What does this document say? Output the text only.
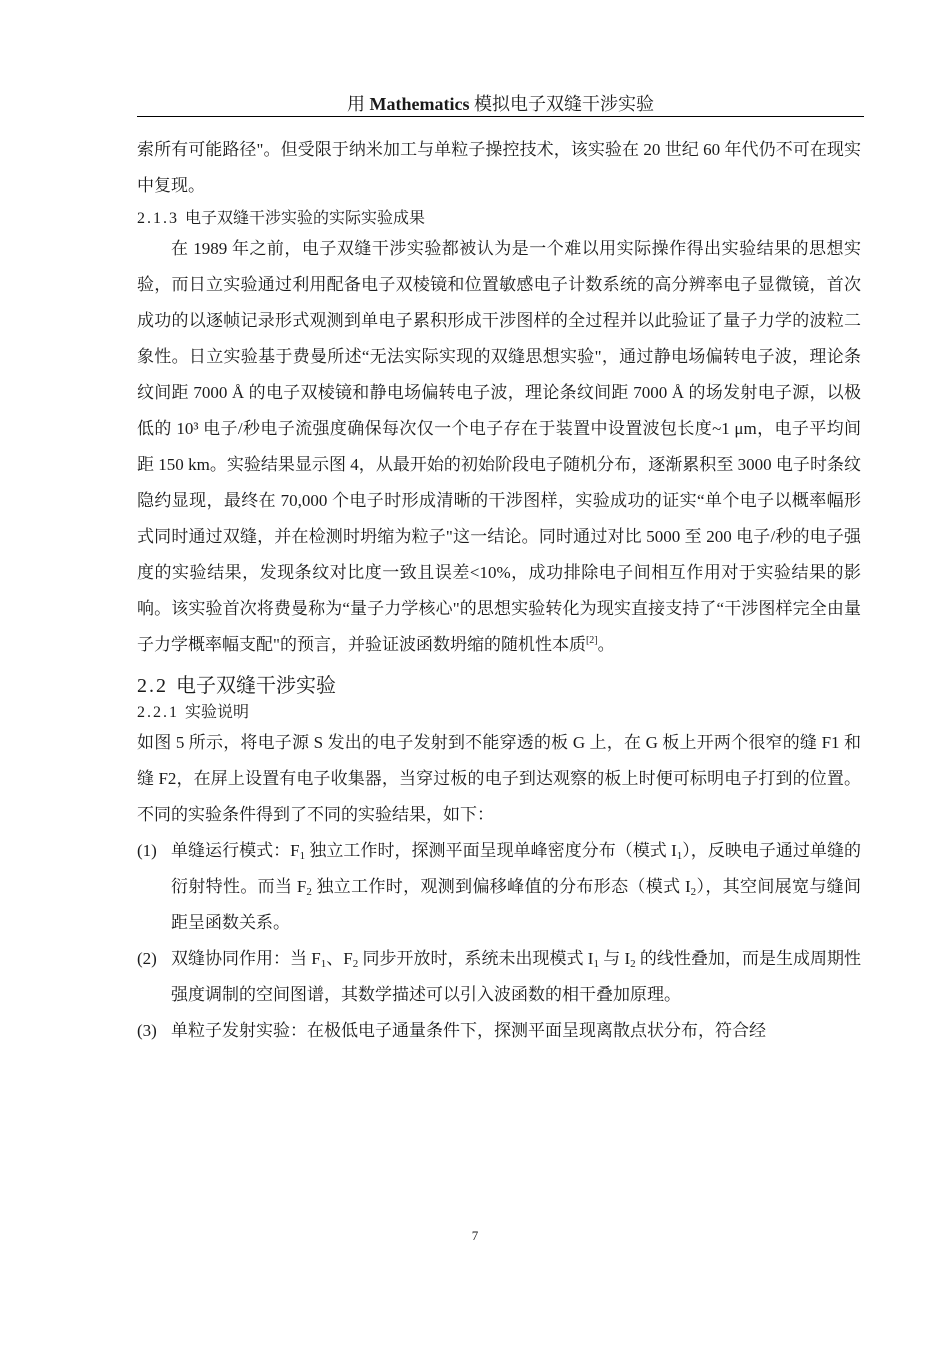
用 Mathematics 模拟电子双缝干涉实验

索所有可能路径"。但受限于纳米加工与单粒子操控技术，该实验在 20 世纪 60 年代仍不可在现实中复现。

2.1.3 电子双缝干涉实验的实际实验成果

在 1989 年之前，电子双缝干涉实验都被认为是一个难以用实际操作得出实验结果的思想实验，而日立实验通过利用配备电子双棱镜和位置敏感电子计数系统的高分辨率电子显微镜，首次成功的以逐帧记录形式观测到单电子累积形成干涉图样的全过程并以此验证了量子力学的波粒二象性。日立实验基于费曼所述“无法实际实现的双缝思想实验"，通过静电场偏转电子波，理论条纹间距 7000 Å 的电子双棱镜和静电场偏转电子波，理论条纹间距 7000 Å 的场发射电子源，以极低的 10³ 电子/秒电子流强度确保每次仅一个电子存在于装置中设置波包长度~1 μm，电子平均间距 150 km。实验结果显示图 4，从最开始的初始阶段电子随机分布，逐渐累积至 3000 电子时条纹隐约显现，最终在 70,000 个电子时形成清晰的干涉图样，实验成功的证实“单个电子以概率幅形式同时通过双缝，并在检测时坍缩为粒子"这一结论。同时通过对比 5000 至 200 电子/秒的电子强度的实验结果，发现条纹对比度一致且误差<10%，成功排除电子间相互作用对于实验结果的影响。该实验首次将费曼称为“量子力学核心"的思想实验转化为现实直接支持了“干涉图样完全由量子力学概率幅支配"的预言，并验证波函数坍缩的随机性本质[2]。

2.2 电子双缝干涉实验
2.2.1 实验说明

如图 5 所示，将电子源 S 发出的电子发射到不能穿透的板 G 上，在 G 板上开两个很窄的缝 F1 和缝 F2，在屏上设置有电子收集器，当穿过板的电子到达观察的板上时便可标明电子打到的位置。不同的实验条件得到了不同的实验结果，如下：

(1) 单缝运行模式：$F_1$ 独立工作时，探测平面呈现单峰密度分布（模式 $I_1$），反映电子通过单缝的衍射特性。而当 $F_2$ 独立工作时，观测到偏移峰值的分布形态（模式 $I_2$），其空间展宽与缝间距呈函数关系。

(2) 双缝协同作用：当 $F_1$、$F_2$ 同步开放时，系统未出现模式 $I_1$ 与 $I_2$ 的线性叠加，而是生成周期性强度调制的空间图谱，其数学描述可以引入波函数的相干叠加原理。

(3) 单粒子发射实验：在极低电子通量条件下，探测平面呈现离散点状分布，符合经

7
